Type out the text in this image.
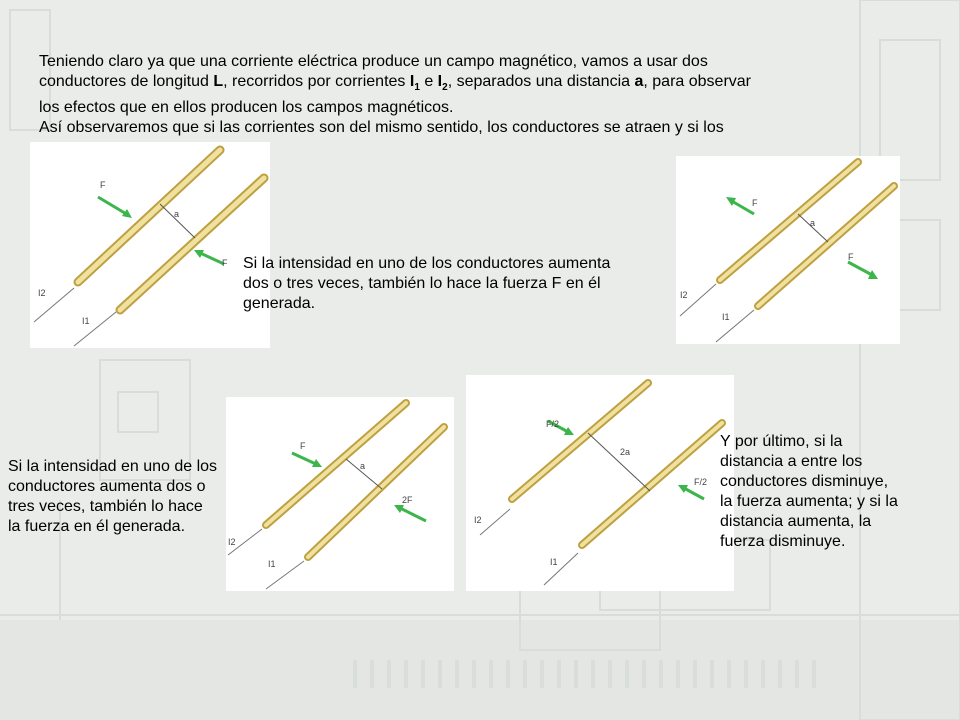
Teniendo claro ya que una corriente eléctrica produce un campo magnético, vamos a usar dos
conductores de longitud L, recorridos por corrientes $I_1$ e $I_2$, separados una distancia a, para observar
los efectos que en ellos producen los campos magnéticos.
Así observaremos que si las corrientes son del mismo sentido, los conductores se atraen y si los
a
F
F
I2
I1
Si la intensidad en uno de los conductores aumenta
dos o tres veces, también lo hace la fuerza F en él
generada.
a
F
F
I2
I1
a
F
2F
I2
I1
Si la intensidad en uno de los
conductores aumenta dos o
tres veces, también lo hace
la fuerza en él generada.
2a
F/2
F/2
I2
I1
Y por último, si la
distancia a entre los
conductores disminuye,
la fuerza aumenta; y si la
distancia aumenta, la
fuerza disminuye.
